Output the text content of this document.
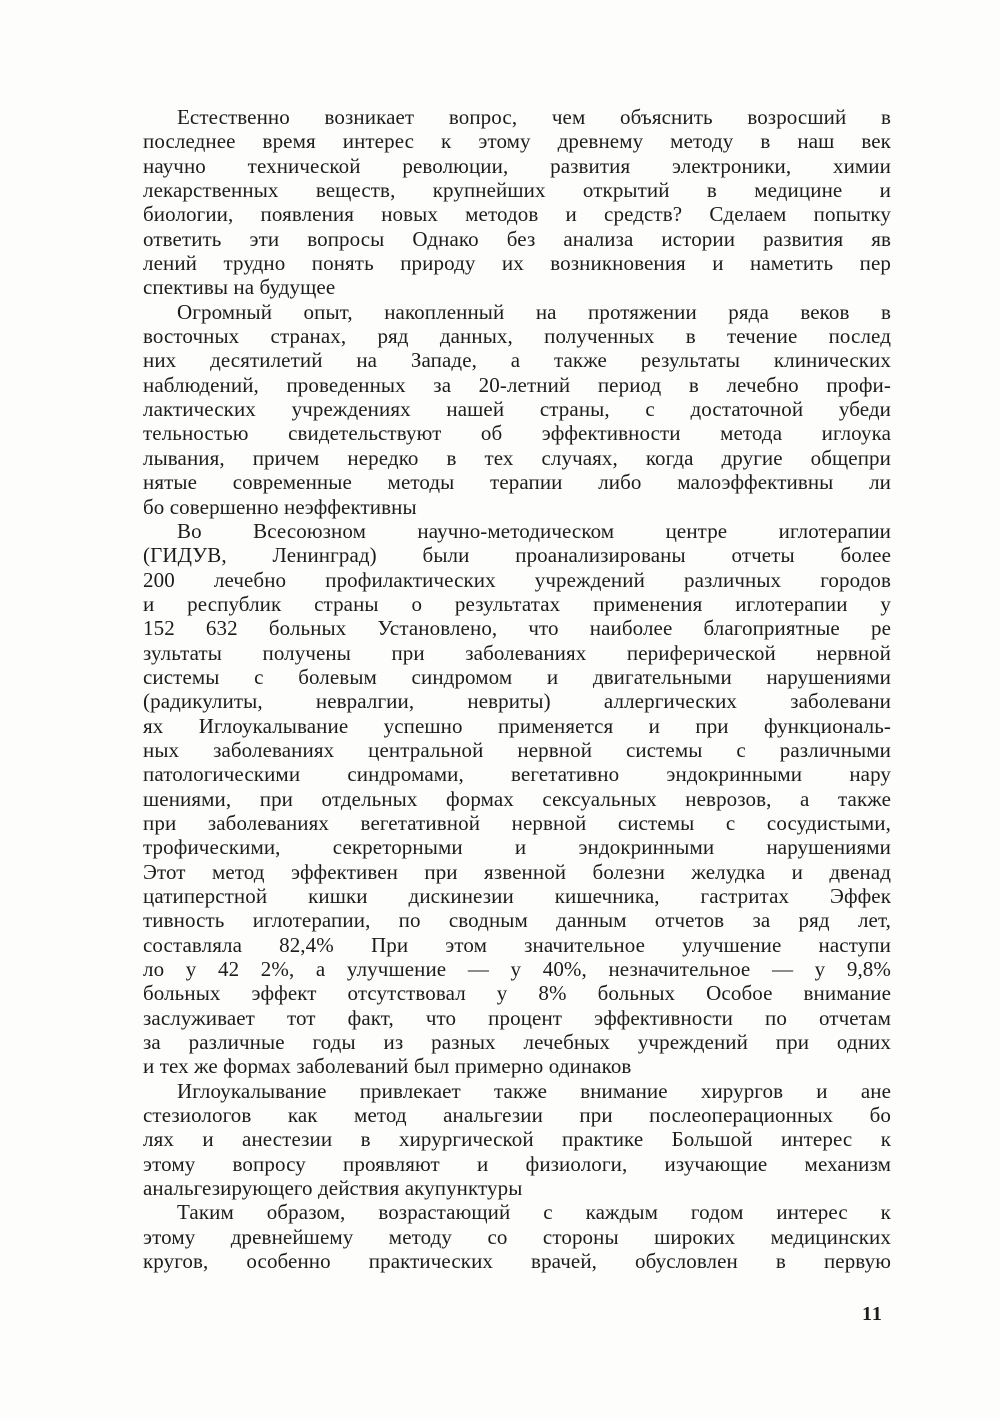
Естественно возникает вопрос, чем объяснить возросший в
последнее время интерес к этому древнему методу в наш век
научно технической революции, развития электроники, химии
лекарственных веществ, крупнейших открытий в медицине и
биологии, появления новых методов и средств? Сделаем попытку
ответить эти вопросы Однако без анализа истории развития яв
лений трудно понять природу их возникновения и наметить пер
спективы на будущее
Огромный опыт, накопленный на протяжении ряда веков в
восточных странах, ряд данных, полученных в течение послед
них десятилетий на Западе, а также результаты клинических
наблюдений, проведенных за 20-летний период в лечебно профи-
лактических учреждениях нашей страны, с достаточной убеди
тельностью свидетельствуют об эффективности метода иглоука
лывания, причем нередко в тех случаях, когда другие общепри
нятые современные методы терапии либо малоэффективны ли
бо совершенно неэффективны
Во Всесоюзном научно-методическом центре иглотерапии
(ГИДУВ, Ленинград) были проанализированы отчеты более
200 лечебно профилактических учреждений различных городов
и республик страны о результатах применения иглотерапии у
152 632 больных Установлено, что наиболее благоприятные ре
зультаты получены при заболеваниях периферической нервной
системы с болевым синдромом и двигательными нарушениями
(радикулиты, невралгии, невриты) аллергических заболевани
ях Иглоукалывание успешно применяется и при функциональ-
ных заболеваниях центральной нервной системы с различными
патологическими синдромами, вегетативно эндокринными нару
шениями, при отдельных формах сексуальных неврозов, а также
при заболеваниях вегетативной нервной системы с сосудистыми,
трофическими, секреторными и эндокринными нарушениями
Этот метод эффективен при язвенной болезни желудка и двенад
цатиперстной кишки дискинезии кишечника, гастритах Эффек
тивность иглотерапии, по сводным данным отчетов за ряд лет,
составляла 82,4% При этом значительное улучшение наступи
ло у 42 2%, а улучшение — у 40%, незначительное — у 9,8%
больных эффект отсутствовал у 8% больных Особое внимание
заслуживает тот факт, что процент эффективности по отчетам
за различные годы из разных лечебных учреждений при одних
и тех же формах заболеваний был примерно одинаков
Иглоукалывание привлекает также внимание хирургов и ане
стезиологов как метод анальгезии при послеоперационных бо
лях и анестезии в хирургической практике Большой интерес к
этому вопросу проявляют и физиологи, изучающие механизм
анальгезирующего действия акупунктуры
Таким образом, возрастающий с каждым годом интерес к
этому древнейшему методу со стороны широких медицинских
кругов, особенно практических врачей, обусловлен в первую
11
